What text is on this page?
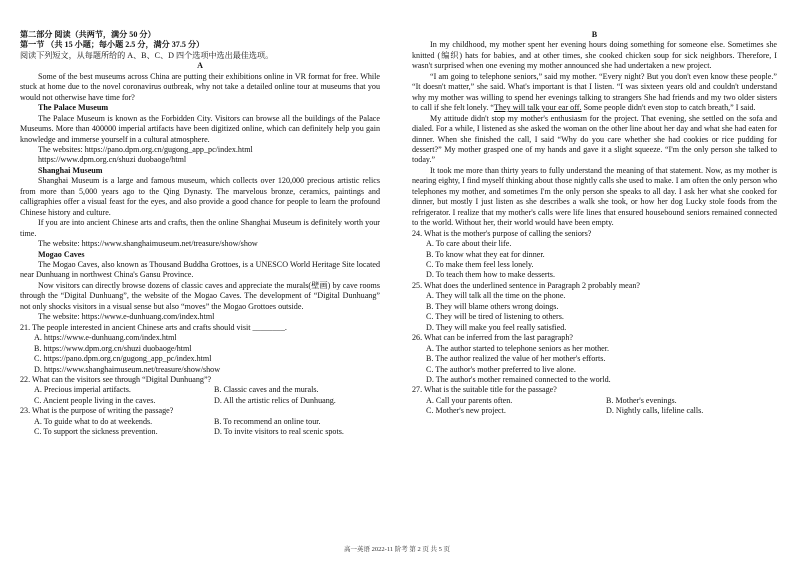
第二部分 阅读（共两节，满分 50 分）

第一节 （共 15 小题；每小题 2.5 分，满分 37.5 分）

阅读下列短文，从每题所给的 A、B、C、D 四个选项中选出最佳选项。

A

Some of the best museums across China are putting their exhibitions online in VR format for free. While stuck at home due to the novel coronavirus outbreak, why not take a detailed online tour at museums that you would not otherwise have time for?

The Palace Museum

The Palace Museum is known as the Forbidden City. Visitors can browse all the buildings of the Palace Museums. More than 400000 imperial artifacts have been digitized online, which can definitely help you gain knowledge and immerse yourself in a cultural atmosphere.

The websites: https://pano.dpm.org.cn/gugong_app_pc/index.html

https://www.dpm.org.cn/shuzi duobaoge/html

Shanghai Museum

Shanghai Museum is a large and famous museum, which collects over 120,000 precious artistic relics from more than 5,000 years ago to the Qing Dynasty. The marvelous bronze, ceramics, paintings and calligraphies offer a visual feast for the eyes, and also provide a good chance for people to learn the profound Chinese history and culture.

If you are into ancient Chinese arts and crafts, then the online Shanghai Museum is definitely worth your time.

The website: https://www.shanghaimuseum.net/treasure/show/show

Mogao Caves

The Mogao Caves, also known as Thousand Buddha Grottoes, is a UNESCO World Heritage Site located near Dunhuang in northwest China's Gansu Province.

Now visitors can directly browse dozens of classic caves and appreciate the murals(壁画) by cave rooms through the “Digital Dunhuang”, the website of the Mogao Caves. The development of “Digital Dunhuang” not only shocks visitors in a visual sense but also “moves” the Mogao Grottoes outside.

The website: https://www.e-dunhuang.com/index.html

21. The people interested in ancient Chinese arts and crafts should visit ________.

A. https://www.e-dunhuang.com/index.html

B. https://www.dpm.org.cn/shuzi duobaoge/html

C. https://pano.dpm.org.cn/gugong_app_pc/index.html

D. https://www.shanghaimuseum.net/treasure/show/show

22. What can the visitors see through “Digital Dunhuang”?

A. Precious imperial artifacts.	B. Classic caves and the murals.
C. Ancient people living in the caves.	D. All the artistic relics of Dunhuang.

23. What is the purpose of writing the passage?

A. To guide what to do at weekends.	B. To recommend an online tour.
C. To support the sickness prevention.	D. To invite visitors to real scenic spots.

B

In my childhood, my mother spent her evening hours doing something for someone else. Sometimes she knitted (编织) hats for babies, and at other times, she cooked chicken soup for sick neighbors. Therefore, I wasn't surprised when one evening my mother announced she had undertaken a new project.

“I am going to telephone seniors,” said my mother. “Every night? But you don't even know these people.” “It doesn't matter,” she said. What's important is that I listen. “I was sixteen years old and couldn't understand why my mother was willing to spend her evenings talking to strangers She had friends and my two older sisters to call if she felt lonely. “They will talk your ear off. Some people didn't even stop to catch breath,” I said.

My attitude didn't stop my mother's enthusiasm for the project. That evening, she settled on the sofa and dialed. For a while, I listened as she asked the woman on the other line about her day and what she had eaten for dinner. When she finished the call, I said “Why do you care whether she had cookies or rice pudding for dessert?” My mother grasped one of my hands and gave it a slight squeeze. “I'm the only person she talked to today.”

It took me more than thirty years to fully understand the meaning of that statement. Now, as my mother is nearing eighty, I find myself thinking about those nightly calls she used to make. I am often the only person who telephones my mother, and sometimes I'm the only person she speaks to all day. I ask her what she cooked for dinner, but mostly I just listen as she describes a walk she took, or how her dog Lucky stole foods from the refrigerator. I realize that my mother's calls were life lines that ensured housebound seniors remained connected to the world. Without her, their world would have been empty.

24. What is the mother's purpose of calling the seniors?

A. To care about their life.

B. To know what they eat for dinner.

C. To make them feel less lonely.

D. To teach them how to make desserts.

25. What does the underlined sentence in Paragraph 2 probably mean?

A. They will talk all the time on the phone.

B. They will blame others wrong doings.

C. They will be tired of listening to others.

D. They will make you feel really satisfied.

26. What can be inferred from the last paragraph?

A. The author started to telephone seniors as her mother.

B. The author realized the value of her mother's efforts.

C. The author's mother preferred to live alone.

D. The author's mother remained connected to the world.

27. What is the suitable title for the passage?

A. Call your parents often.	B. Mother's evenings.
C. Mother's new project.	D. Nightly calls, lifeline calls.
高一英语 2022-11 阶考 第 2 页 共 5 页
